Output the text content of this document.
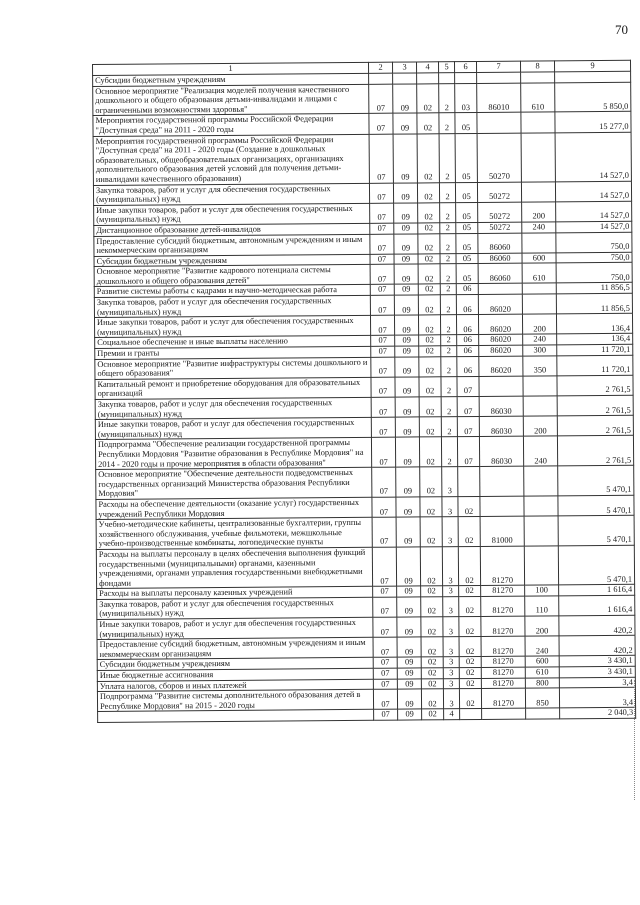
70
1	2	3	4	5	6	7	8	9
Субсидии бюджетным учреждениям								
Основное мероприятие "Реализация моделей получения качественного дошкольного и общего образования детьми-инвалидами и лицами с ограниченными возможностями здоровья"	07	09	02	2	03	86010	610	5 850,0
Мероприятия государственной программы Российской Федерации "Доступная среда" на 2011 - 2020 годы	07	09	02	2	05			15 277,0
Мероприятия государственной программы Российской Федерации "Доступная среда" на 2011 - 2020 годы (Создание в дошкольных образовательных, общеобразовательных организациях, организациях дополнительного образования детей условий для получения детьми-инвалидами качественного образования)	07	09	02	2	05	50270		14 527,0
Закупка товаров, работ и услуг для обеспечения государственных (муниципальных) нужд	07	09	02	2	05	50272		14 527,0
Иные закупки товаров, работ и услуг для обеспечения государственных (муниципальных) нужд	07	09	02	2	05	50272	200	14 527,0
Дистанционное образование детей-инвалидов	07	09	02	2	05	50272	240	14 527,0
Предоставление субсидий бюджетным, автономным учреждениям и иным некоммерческим организациям	07	09	02	2	05	86060		750,0
Субсидии бюджетным учреждениям	07	09	02	2	05	86060	600	750,0
Основное мероприятие "Развитие кадрового потенциала системы дошкольного и общего образования детей"	07	09	02	2	05	86060	610	750,0
Развитие системы работы с кадрами и научно-методическая работа	07	09	02	2	06			11 856,5
Закупка товаров, работ и услуг для обеспечения государственных (муниципальных) нужд	07	09	02	2	06	86020		11 856,5
Иные закупки товаров, работ и услуг для обеспечения государственных (муниципальных) нужд	07	09	02	2	06	86020	200	136,4
Социальное обеспечение и иные выплаты населению	07	09	02	2	06	86020	240	136,4
Премии и гранты	07	09	02	2	06	86020	300	11 720,1
Основное мероприятие "Развитие инфраструктуры системы дошкольного и общего образования"	07	09	02	2	06	86020	350	11 720,1
Капитальный ремонт и приобретение оборудования для образовательных организаций	07	09	02	2	07			2 761,5
Закупка товаров, работ и услуг для обеспечения государственных (муниципальных) нужд	07	09	02	2	07	86030		2 761,5
Иные закупки товаров, работ и услуг для обеспечения государственных (муниципальных) нужд	07	09	02	2	07	86030	200	2 761,5
Подпрограмма "Обеспечение реализации государственной программы Республики Мордовия "Развитие образования в Республике Мордовия" на 2014 - 2020 годы и прочие мероприятия в области образования"	07	09	02	2	07	86030	240	2 761,5
Основное мероприятие "Обеспечение деятельности подведомственных государственных организаций Министерства образования Республики Мордовия"	07	09	02	3				5 470,1
Расходы на обеспечение деятельности (оказание услуг) государственных учреждений Республики Мордовия	07	09	02	3	02			5 470,1
Учебно-методические кабинеты, централизованные бухгалтерии, группы хозяйственного обслуживания, учебные фильмотеки, межшкольные учебно-производственные комбинаты, логопедические пункты	07	09	02	3	02	81000		5 470,1
Расходы на выплаты персоналу в целях обеспечения выполнения функций государственными (муниципальными) органами, казенными учреждениями, органами управления государственными внебюджетными фондами	07	09	02	3	02	81270		5 470,1
Расходы на выплаты персоналу казенных учреждений	07	09	02	3	02	81270	100	1 616,4
Закупка товаров, работ и услуг для обеспечения государственных (муниципальных) нужд	07	09	02	3	02	81270	110	1 616,4
Иные закупки товаров, работ и услуг для обеспечения государственных (муниципальных) нужд	07	09	02	3	02	81270	200	420,2
Предоставление субсидий бюджетным, автономным учреждениям и иным некоммерческим организациям	07	09	02	3	02	81270	240	420,2
Субсидии бюджетным учреждениям	07	09	02	3	02	81270	600	3 430,1
Иные бюджетные ассигнования	07	09	02	3	02	81270	610	3 430,1
Уплата налогов, сборов и иных платежей	07	09	02	3	02	81270	800	3,4
Подпрограмма "Развитие системы дополнительного образования детей в Республике Мордовия" на 2015 - 2020 годы	07	09	02	3	02	81270	850	3,4
	07	09	02	4				2 040,3
